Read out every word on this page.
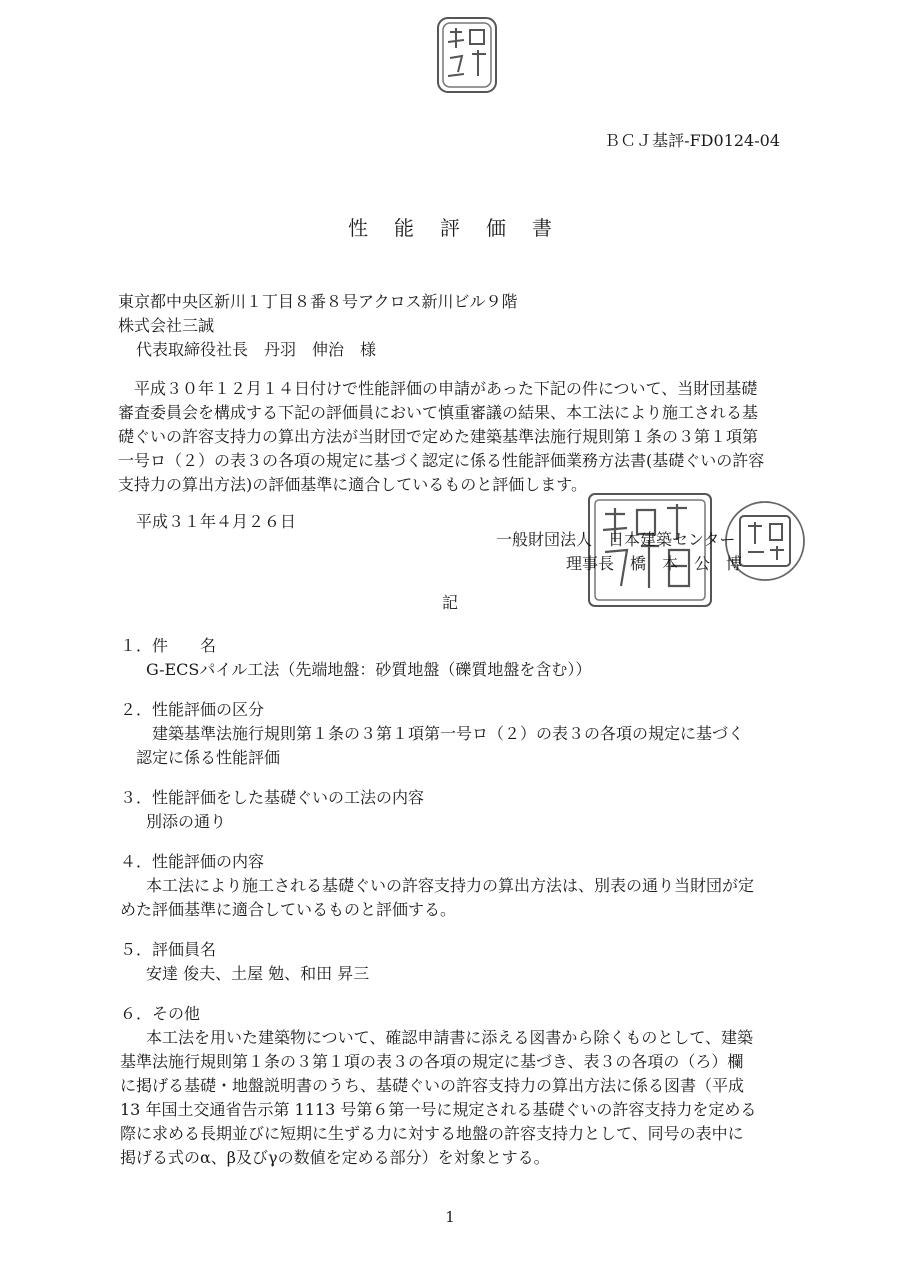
ＢＣＪ基評-FD0124-04
性能評価書
東京都中央区新川１丁目８番８号アクロス新川ビル９階
株式会社三誠
代表取締役社長　丹羽　伸治　様
　平成３０年１２月１４日付けで性能評価の申請があった下記の件について、当財団基礎
審査委員会を構成する下記の評価員において慎重審議の結果、本工法により施工される基
礎ぐいの許容支持力の算出方法が当財団で定めた建築基準法施行規則第１条の３第１項第
一号ロ（２）の表３の各項の規定に基づく認定に係る性能評価業務方法書(基礎ぐいの許容
支持力の算出方法)の評価基準に適合しているものと評価します。
平成３１年４月２６日
一般財団法人　日本建築センター
理事長　橋　本　公　博
記
１．件　　名
G-ECSパイル工法（先端地盤：砂質地盤（礫質地盤を含む））
２．性能評価の区分
建築基準法施行規則第１条の３第１項第一号ロ（２）の表３の各項の規定に基づく
認定に係る性能評価
３．性能評価をした基礎ぐいの工法の内容
別添の通り
４．性能評価の内容
本工法により施工される基礎ぐいの許容支持力の算出方法は、別表の通り当財団が定
めた評価基準に適合しているものと評価する。
５．評価員名
安達 俊夫、土屋 勉、和田 昇三
６．その他
本工法を用いた建築物について、確認申請書に添える図書から除くものとして、建築
基準法施行規則第１条の３第１項の表３の各項の規定に基づき、表３の各項の（ろ）欄
に掲げる基礎・地盤説明書のうち、基礎ぐいの許容支持力の算出方法に係る図書（平成
13 年国土交通省告示第 1113 号第６第一号に規定される基礎ぐいの許容支持力を定める
際に求める長期並びに短期に生ずる力に対する地盤の許容支持力として、同号の表中に
掲げる式のα、β及びγの数値を定める部分）を対象とする。
1
